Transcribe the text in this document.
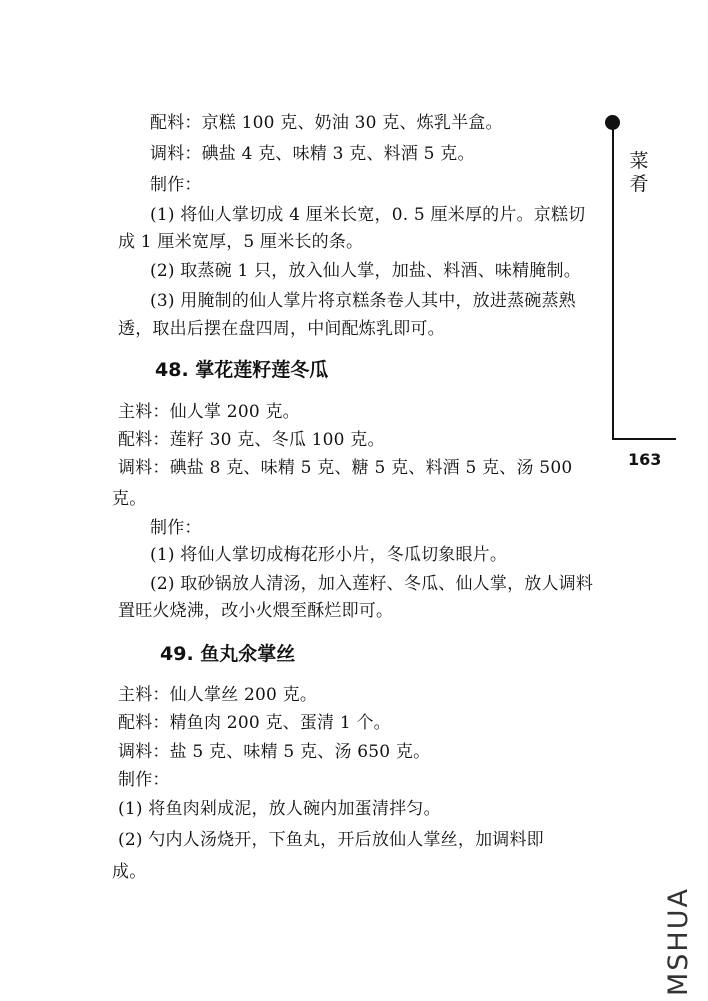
菜肴
163
配料：京糕 100 克、奶油 30 克、炼乳半盒。
调料：碘盐 4 克、味精 3 克、料酒 5 克。
制作：
(1) 将仙人掌切成 4 厘米长宽，0. 5 厘米厚的片。京糕切
成 1 厘米宽厚，5 厘米长的条。
(2) 取蒸碗 1 只，放入仙人掌，加盐、料酒、味精腌制。
(3) 用腌制的仙人掌片将京糕条卷人其中，放进蒸碗蒸熟
透，取出后摆在盘四周，中间配炼乳即可。
48. 掌花莲籽莲冬瓜
主料：仙人掌 200 克。
配料：莲籽 30 克、冬瓜 100 克。
调料：碘盐 8 克、味精 5 克、糖 5 克、料酒 5 克、汤 500
克。
制作：
(1) 将仙人掌切成梅花形小片，冬瓜切象眼片。
(2) 取砂锅放人清汤，加入莲籽、冬瓜、仙人掌，放人调料
置旺火烧沸，改小火煨至酥烂即可。
49. 鱼丸氽掌丝
主料：仙人掌丝 200 克。
配料：精鱼肉 200 克、蛋清 1 个。
调料：盐 5 克、味精 5 克、汤 650 克。
制作：
(1) 将鱼肉剁成泥，放人碗内加蛋清拌匀。
(2) 勺内人汤烧开，下鱼丸，开后放仙人掌丝，加调料即
成。
MSHUA
